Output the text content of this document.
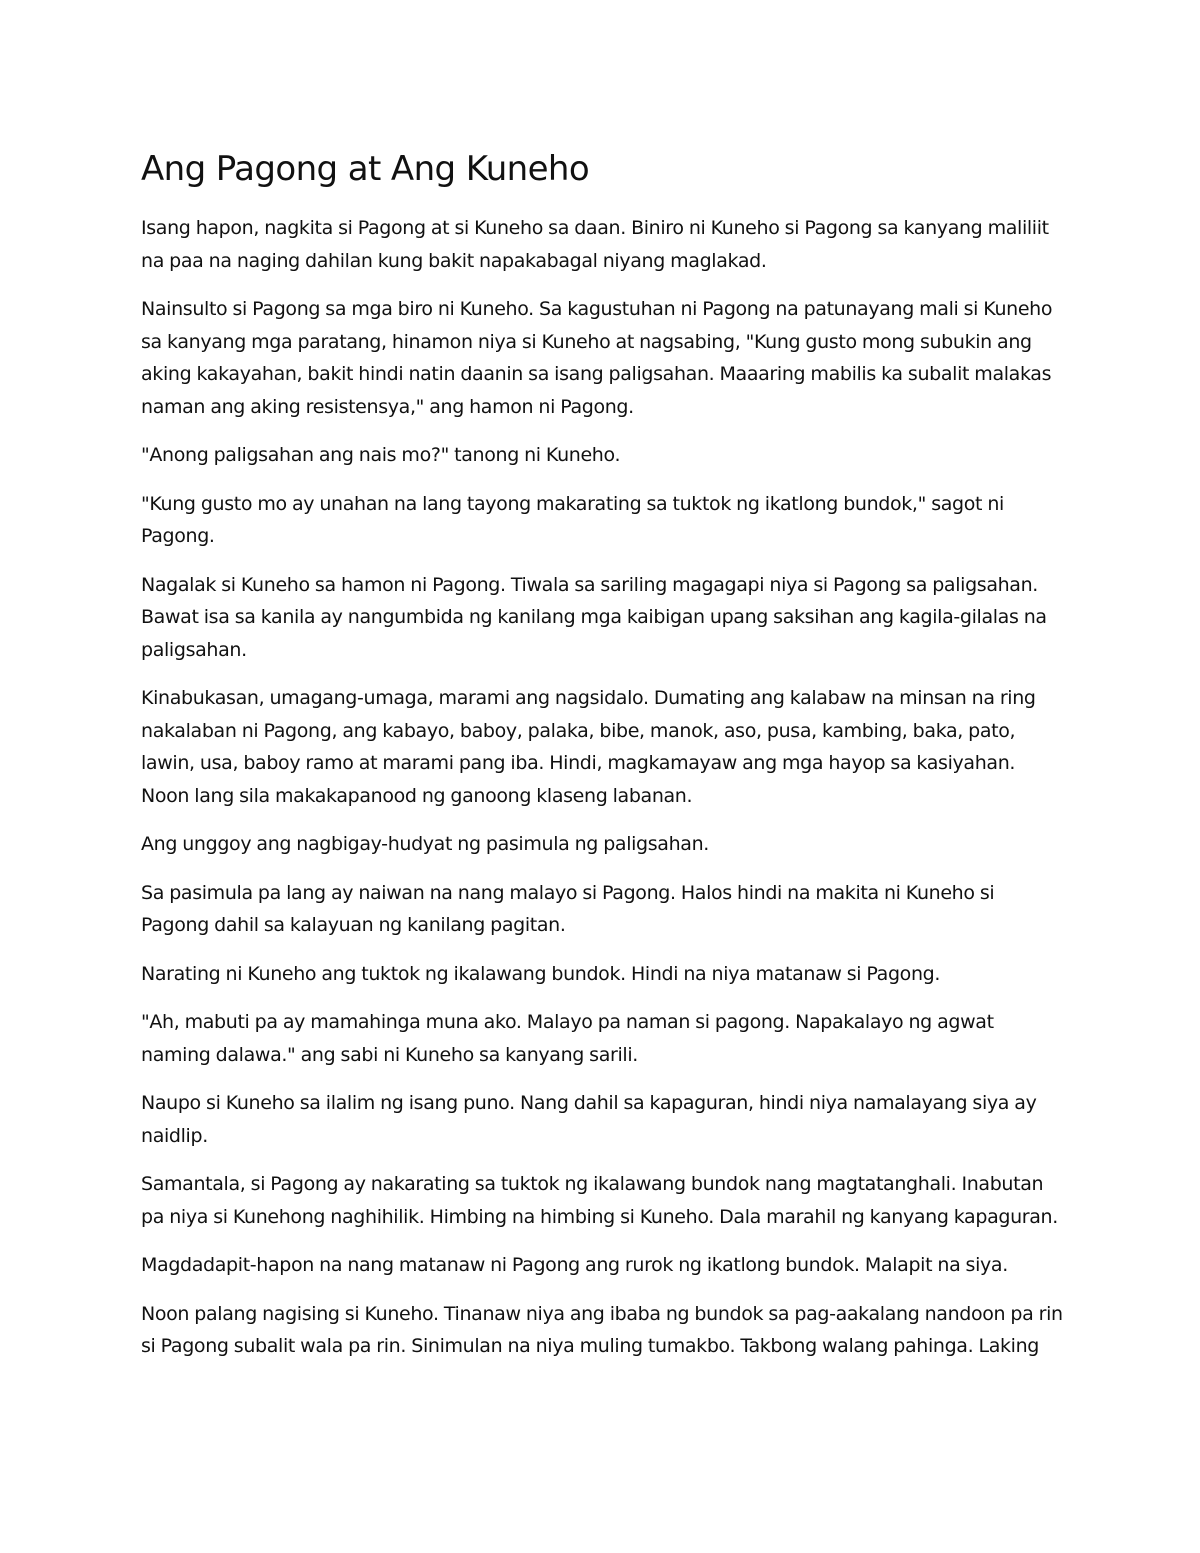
Ang Pagong at Ang Kuneho

Isang hapon, nagkita si Pagong at si Kuneho sa daan. Biniro ni Kuneho si Pagong sa kanyang maliliit na paa na naging dahilan kung bakit napakabagal niyang maglakad.

Nainsulto si Pagong sa mga biro ni Kuneho. Sa kagustuhan ni Pagong na patunayang mali si Kuneho sa kanyang mga paratang, hinamon niya si Kuneho at nagsabing, "Kung gusto mong subukin ang aking kakayahan, bakit hindi natin daanin sa isang paligsahan. Maaaring mabilis ka subalit malakas naman ang aking resistensya," ang hamon ni Pagong.

"Anong paligsahan ang nais mo?" tanong ni Kuneho.

"Kung gusto mo ay unahan na lang tayong makarating sa tuktok ng ikatlong bundok," sagot ni Pagong.

Nagalak si Kuneho sa hamon ni Pagong. Tiwala sa sariling magagapi niya si Pagong sa paligsahan. Bawat isa sa kanila ay nangumbida ng kanilang mga kaibigan upang saksihan ang kagila-gilalas na paligsahan.

Kinabukasan, umagang-umaga, marami ang nagsidalo. Dumating ang kalabaw na minsan na ring nakalaban ni Pagong, ang kabayo, baboy, palaka, bibe, manok, aso, pusa, kambing, baka, pato, lawin, usa, baboy ramo at marami pang iba. Hindi, magkamayaw ang mga hayop sa kasiyahan. Noon lang sila makakapanood ng ganoong klaseng labanan.

Ang unggoy ang nagbigay-hudyat ng pasimula ng paligsahan.

Sa pasimula pa lang ay naiwan na nang malayo si Pagong. Halos hindi na makita ni Kuneho si Pagong dahil sa kalayuan ng kanilang pagitan.

Narating ni Kuneho ang tuktok ng ikalawang bundok. Hindi na niya matanaw si Pagong.

"Ah, mabuti pa ay mamahinga muna ako. Malayo pa naman si pagong. Napakalayo ng agwat naming dalawa." ang sabi ni Kuneho sa kanyang sarili.

Naupo si Kuneho sa ilalim ng isang puno. Nang dahil sa kapaguran, hindi niya namalayang siya ay naidlip.

Samantala, si Pagong ay nakarating sa tuktok ng ikalawang bundok nang magtatanghali. Inabutan pa niya si Kunehong naghihilik. Himbing na himbing si Kuneho. Dala marahil ng kanyang kapaguran.

Magdadapit-hapon na nang matanaw ni Pagong ang rurok ng ikatlong bundok. Malapit na siya.

Noon palang nagising si Kuneho. Tinanaw niya ang ibaba ng bundok sa pag-aakalang nandoon pa rin si Pagong subalit wala pa rin. Sinimulan na niya muling tumakbo. Takbong walang pahinga. Laking
